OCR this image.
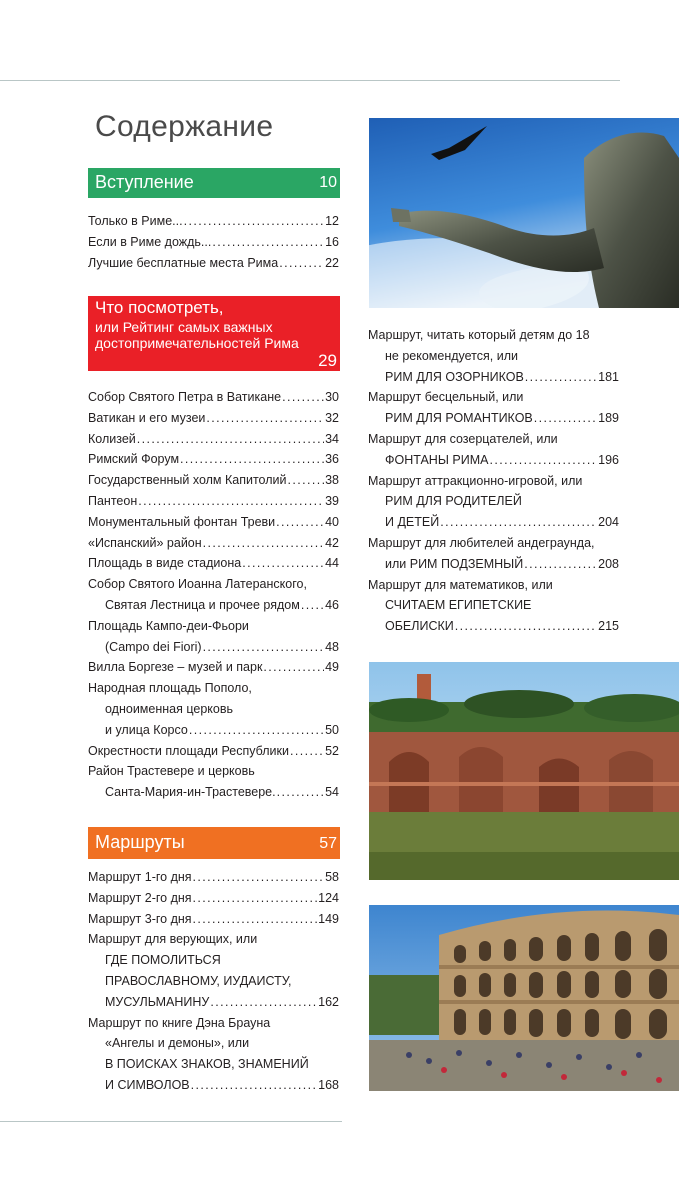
Содержание
Вступление	10
Только в Риме... .....	12
Если в Риме дождь... .....	16
Лучшие бесплатные места Рима .....	22
Что посмотреть,
или Рейтинг самых важных достопримечательностей Рима
29
Собор Святого Петра в Ватикане .....	30
Ватикан и его музеи .....	32
Колизей .....	34
Римский Форум .....	36
Государственный холм Капитолий .....	38
Пантеон .....	39
Монументальный фонтан Треви .....	40
«Испанский» район .....	42
Площадь в виде стадиона .....	44
Собор Святого Иоанна Латеранского,
Святая Лестница и прочее рядом ..... 46
Площадь Кампо-деи-Фьори
(Campo dei Fiori) .....	48
Вилла Боргезе – музей и парк .....	49
Народная площадь Пополо,
одноименная церковь
и улица Корсо .....	50
Окрестности площади Республики .....	52
Район Трастевере и церковь
Санта-Мария-ин-Трастевере. .....	54
Маршруты	57
Маршрут 1-го дня .....	58
Маршрут 2-го дня .....	124
Маршрут 3-го дня .....	149
Маршрут для верующих, или
ГДЕ ПОМОЛИТЬСЯ
ПРАВОСЛАВНОМУ, ИУДАИСТУ,
МУСУЛЬМАНИНУ .....	162
Маршрут по книге Дэна Брауна
«Ангелы и демоны», или
В ПОИСКАХ ЗНАКОВ, ЗНАМЕНИЙ
И СИМВОЛОВ .....	168
Маршрут, читать который детям до 18
не рекомендуется, или
РИМ ДЛЯ ОЗОРНИКОВ .....	181
Маршрут бесцельный, или
РИМ ДЛЯ РОМАНТИКОВ .....	189
Маршрут для созерцателей, или
ФОНТАНЫ РИМА .....	196
Маршрут аттракционно-игровой, или
РИМ ДЛЯ РОДИТЕЛЕЙ
И ДЕТЕЙ .....	204
Маршрут для любителей андеграунда,
или РИМ ПОДЗЕМНЫЙ .....	208
Маршрут для математиков, или
СЧИТАЕМ ЕГИПЕТСКИЕ
ОБЕЛИСКИ .....	215
